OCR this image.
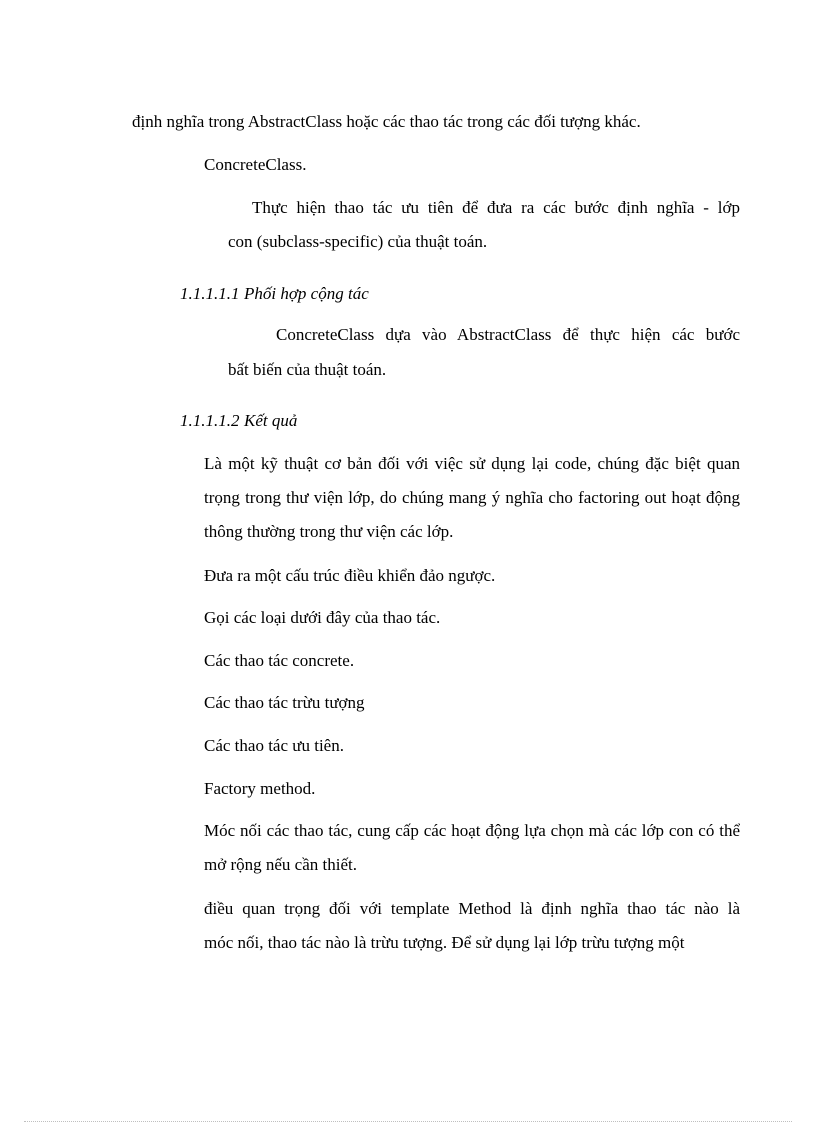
định nghĩa trong AbstractClass hoặc các thao tác trong các đối tượng khác.

ConcreteClass.

Thực hiện thao tác ưu tiên để đưa ra các bước định nghĩa - lớp

con (subclass-specific) của thuật toán.

1.1.1.1.1 Phối hợp cộng tác

ConcreteClass dựa vào AbstractClass để thực hiện các bước

bất biến của thuật toán.

1.1.1.1.2 Kết quả

Là một kỹ thuật cơ bản đối với việc sử dụng lại code, chúng đặc biệt quan trọng trong thư viện lớp, do chúng mang ý nghĩa cho factoring out hoạt động thông thường trong thư viện các lớp.

Đưa ra một cấu trúc điều khiển đảo ngược.

Gọi các loại dưới đây của thao tác.

Các thao tác concrete.

Các thao tác trừu tượng

Các thao tác ưu tiên.

Factory method.

Móc nối các thao tác, cung cấp các hoạt động lựa chọn mà các lớp con có thể mở rộng nếu cần thiết.

điều quan trọng đối với template Method là định nghĩa thao tác nào là

móc nối, thao tác nào là trừu tượng. Để sử dụng lại lớp trừu tượng một
